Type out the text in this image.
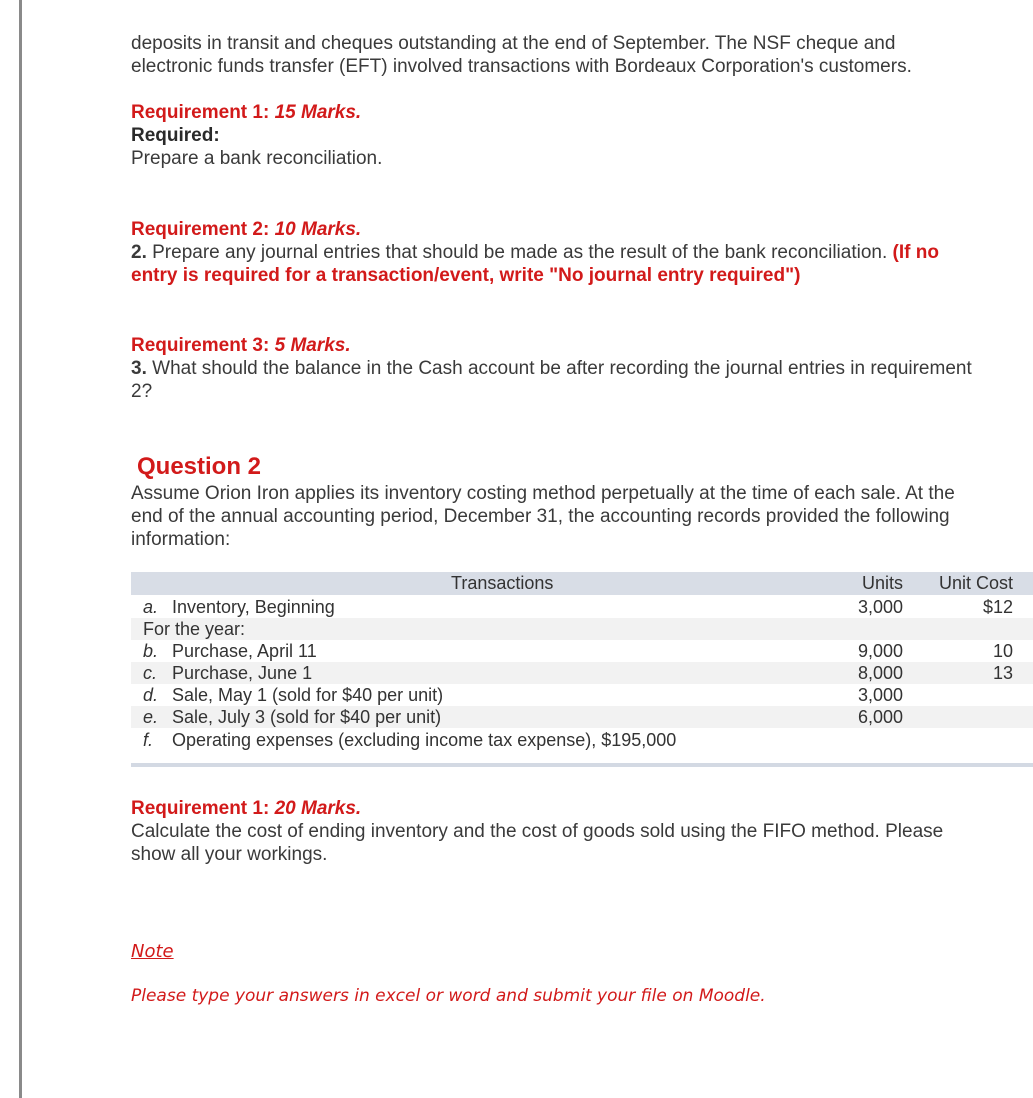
deposits in transit and cheques outstanding at the end of September. The NSF cheque and
electronic funds transfer (EFT) involved transactions with Bordeaux Corporation's customers.
Requirement 1: 15 Marks.
Required:
Prepare a bank reconciliation.
Requirement 2: 10 Marks.
2. Prepare any journal entries that should be made as the result of the bank reconciliation. (If no
entry is required for a transaction/event, write "No journal entry required")
Requirement 3: 5 Marks.
3. What should the balance in the Cash account be after recording the journal entries in requirement
2?
Question 2
Assume Orion Iron applies its inventory costing method perpetually at the time of each sale. At the
end of the annual accounting period, December 31, the accounting records provided the following
information:
Transactions	Units	Unit Cost
a. Inventory, Beginning	3,000	$12
For the year:
b. Purchase, April 11	9,000	10
c. Purchase, June 1	8,000	13
d. Sale, May 1 (sold for $40 per unit)	3,000
e. Sale, July 3 (sold for $40 per unit)	6,000
f.	Operating expenses (excluding income tax expense), $195,000
Requirement 1: 20 Marks.
Calculate the cost of ending inventory and the cost of goods sold using the FIFO method. Please
show all your workings.
Note
Please type your answers in excel or word and submit your file on Moodle.
